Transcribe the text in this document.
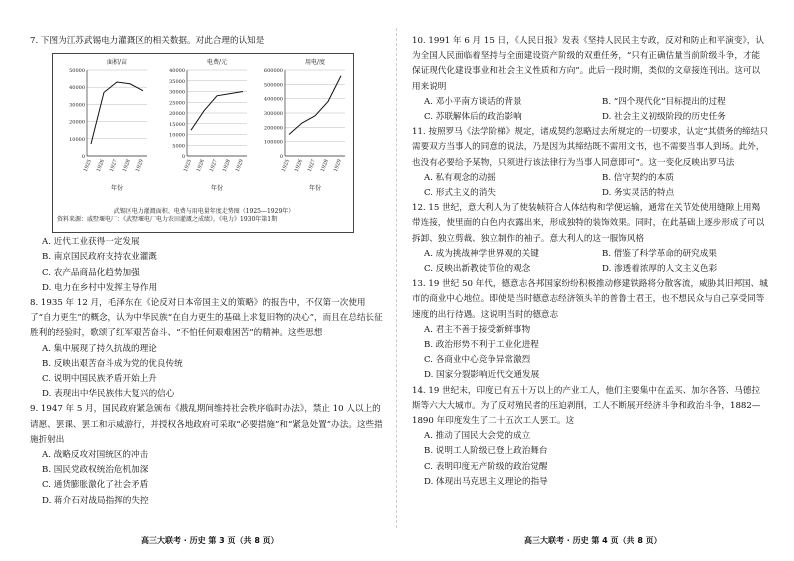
7. 下图为江苏武锡电力灌溉区的相关数据。对此合理的认知是

面积/亩
0
10000
20000
30000
40000
50000
1925 1926 1927 1928 1929
年份
电费/元
0
5000
10000
15000
20000
25000
30000
35000
40000
1925 1926 1927 1928 1929
年份
用电/度
0
100000
200000
300000
400000
500000
600000
1925 1926 1927 1928 1929
年份
武锡区电力灌溉面积、电费与用电量年度走势图（1925—1929年）
资料来源：戚墅堰电厂：《武墅堰电厂电力农田灌溉之成绩》，《电力》1930年第1期
A. 近代工业获得一定发展
B. 南京国民政府支持农业灌溉
C. 农产品商品化趋势加强
D. 电力在乡村中发挥主导作用

8. 1935 年 12 月，毛泽东在《论反对日本帝国主义的策略》的报告中，不仅第一次使用了“自力更生”的概念，认为中华民族“在自力更生的基础上求复旧物的决心”，而且在总结长征胜利的经验时，歌颂了红军艰苦奋斗、“不怕任何艰难困苦”的精神。这些思想

A. 集中展现了持久抗战的理论
B. 反映出艰苦奋斗成为党的优良传统
C. 说明中国民族矛盾开始上升
D. 表现出中华民族伟大复兴的信心

9. 1947 年 5 月，国民政府紧急颁布《戡乱期间维持社会秩序临时办法》，禁止 10 人以上的请愿、罢课、罢工和示威游行，并授权各地政府可采取“必要措施”和“紧急处置”办法。这些措施折射出

A. 战略反攻对国统区的冲击
B. 国民党政权统治危机加深
C. 通货膨胀激化了社会矛盾
D. 蒋介石对战局指挥的失控

10. 1991 年 6 月 15 日，《人民日报》发表《坚持人民民主专政，反对和防止和平演变》，认为全国人民面临着坚持与全面建设资产阶级的双重任务，“只有正确估量当前阶级斗争，才能保证现代化建设事业和社会主义性质和方向”。此后一段时期，类似的文章接连刊出。这可以用来说明

A. 邓小平南方谈话的背景	B. “四个现代化”目标提出的过程
C. 苏联解体后的政治影响	D. 社会主义初级阶段的历史任务

11. 按照罗马《法学阶梯》规定，诸成契约忽略过去所规定的一切要求，认定“其债务的缔结只需要双方当事人的同意的说法，乃是因为其缔结既不需用文书，也不需要当事人到场。此外，也没有必要给予某物，只须进行该法律行为当事人同意即可”。这一变化反映出罗马法

A. 私有观念的动摇	B. 信守契约的本质
C. 形式主义的消失	D. 务实灵活的特点

12. 15 世纪，意大利人为了使装帧符合人体结构和学便运输，通常在关节处使用缝隙上用羯带连接，使里面的白色内衣露出来，形成独特的装饰效果。同时，在此基础上逐步形成了可以拆卸、独立剪裁、独立制作的袖子。意大利人的这一服饰风格

A. 成为挑战神学世界观的关键	B. 借鉴了科学革命的研究成果
C. 反映出新教徒节俭的观念	D. 渗透着浓厚的人文主义色彩

13. 19 世纪 50 年代，德意志各邦国家纷纷积极推动修建铁路将分散客流，威胁其旧邦国、城市的商业中心地位。即使是当时德意志经济领头羊的普鲁士君王，也不想民众与自己享受同等速度的出行待遇。这说明当时的德意志

A. 君主不善于接受新鲜事物
B. 政治形势不利于工业化进程
C. 各商业中心竞争异常激烈
D. 国家分裂影响近代交通发展

14. 19 世纪末，印度已有五十万以上的产业工人，他们主要集中在孟买、加尔各答、马德拉斯等六大大城市。为了反对殖民者的压迫剥削，工人不断展开经济斗争和政治斗争，1882—1890 年印度发生了二十五次工人罢工。这

A. 推动了国民大会党的成立
B. 说明工人阶级已登上政治舞台
C. 表明印度无产阶级的政治觉醒
D. 体现出马克思主义理论的指导
高三大联考 · 历史 第 3 页（共 8 页）	高三大联考 · 历史 第 4 页（共 8 页）
